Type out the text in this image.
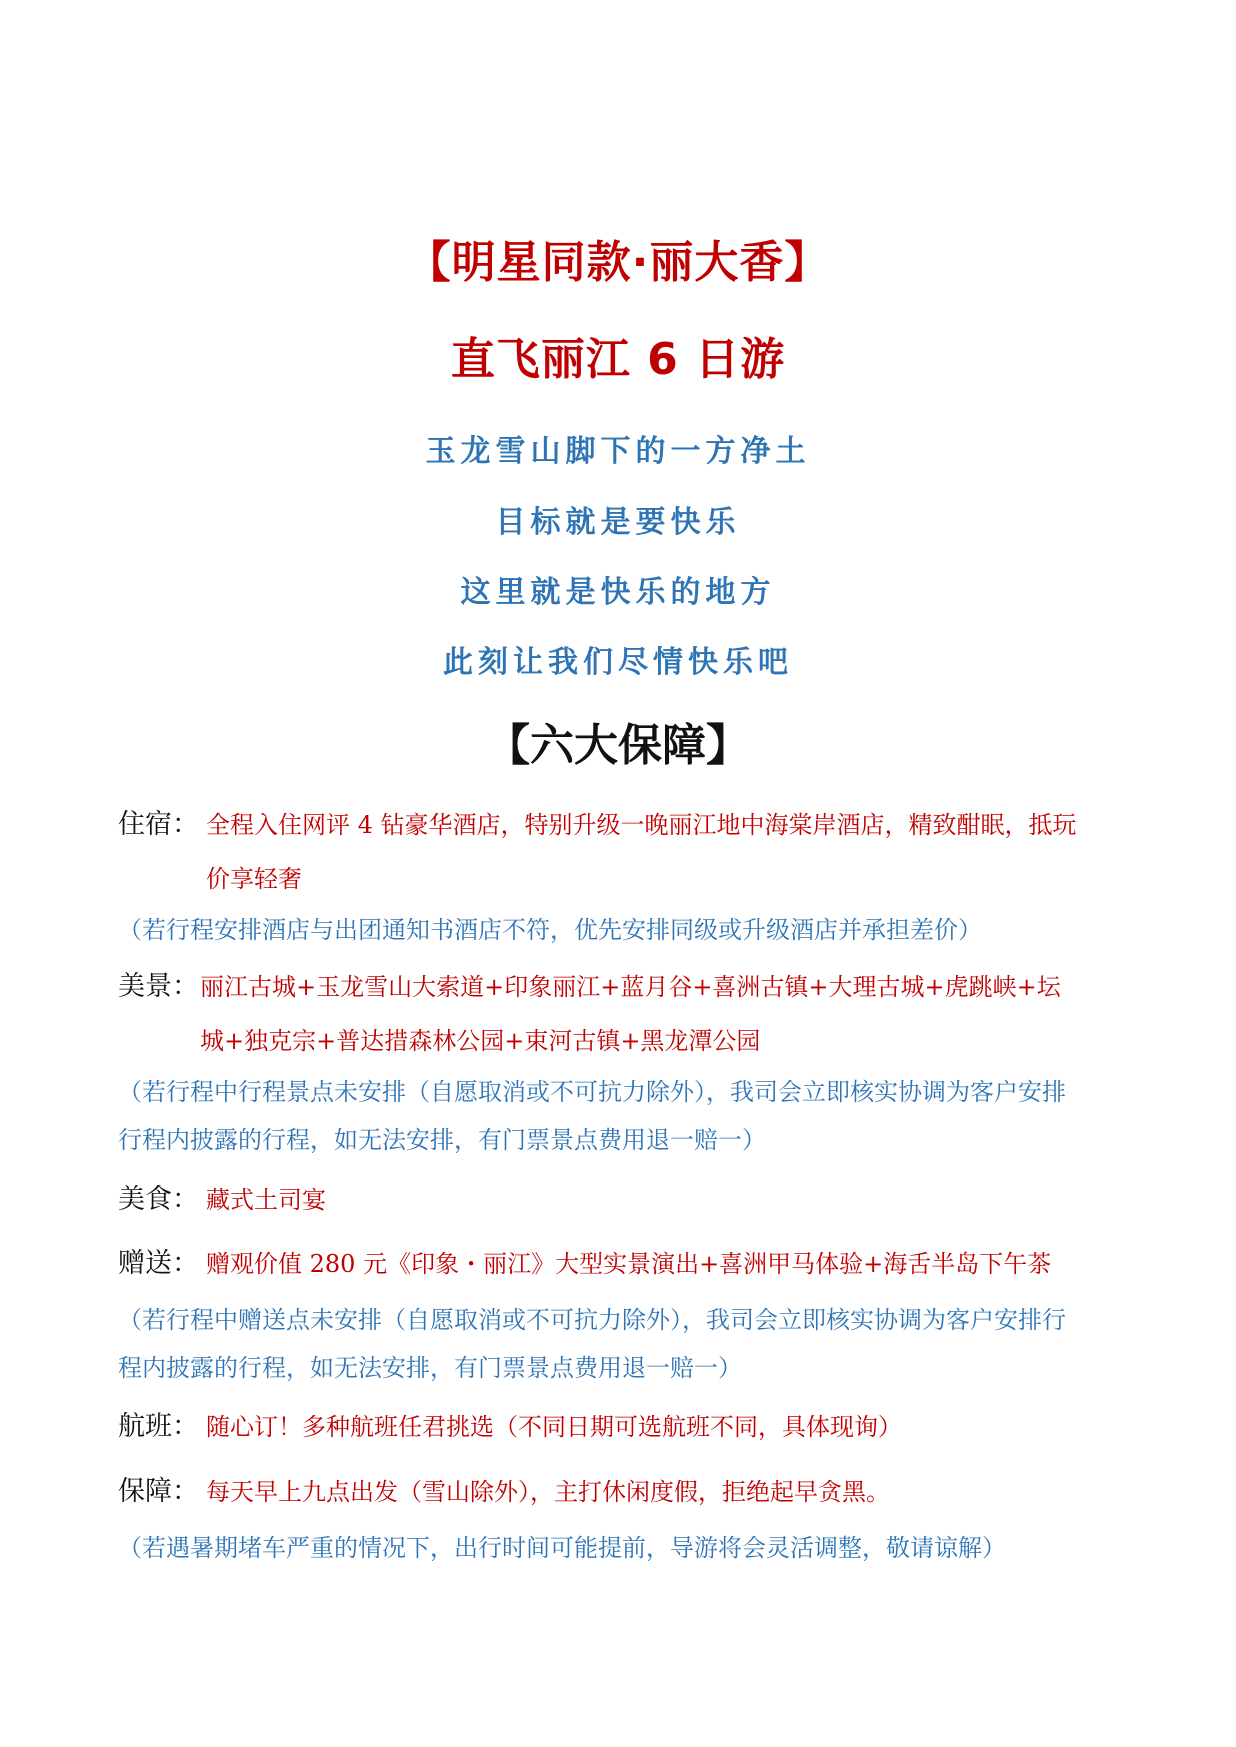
【明星同款·丽大香】
直飞丽江 6 日游
玉龙雪山脚下的一方净土
目标就是要快乐
这里就是快乐的地方
此刻让我们尽情快乐吧
【六大保障】
住宿： 全程入住网评 4 钻豪华酒店，特别升级一晚丽江地中海棠岸酒店，精致酣眠，抵玩价享轻奢
（若行程安排酒店与出团通知书酒店不符，优先安排同级或升级酒店并承担差价）
美景： 丽江古城+玉龙雪山大索道+印象丽江+蓝月谷+喜洲古镇+大理古城+虎跳峡+坛城+独克宗+普达措森林公园+束河古镇+黑龙潭公园
（若行程中行程景点未安排（自愿取消或不可抗力除外），我司会立即核实协调为客户安排行程内披露的行程，如无法安排，有门票景点费用退一赔一）
美食： 藏式土司宴
赠送： 赠观价值 280 元《印象・丽江》大型实景演出+喜洲甲马体验+海舌半岛下午茶
（若行程中赠送点未安排（自愿取消或不可抗力除外），我司会立即核实协调为客户安排行程内披露的行程，如无法安排，有门票景点费用退一赔一）
航班： 随心订！多种航班任君挑选（不同日期可选航班不同，具体现询）
保障： 每天早上九点出发（雪山除外），主打休闲度假，拒绝起早贪黑。
（若遇暑期堵车严重的情况下，出行时间可能提前，导游将会灵活调整，敬请谅解）
